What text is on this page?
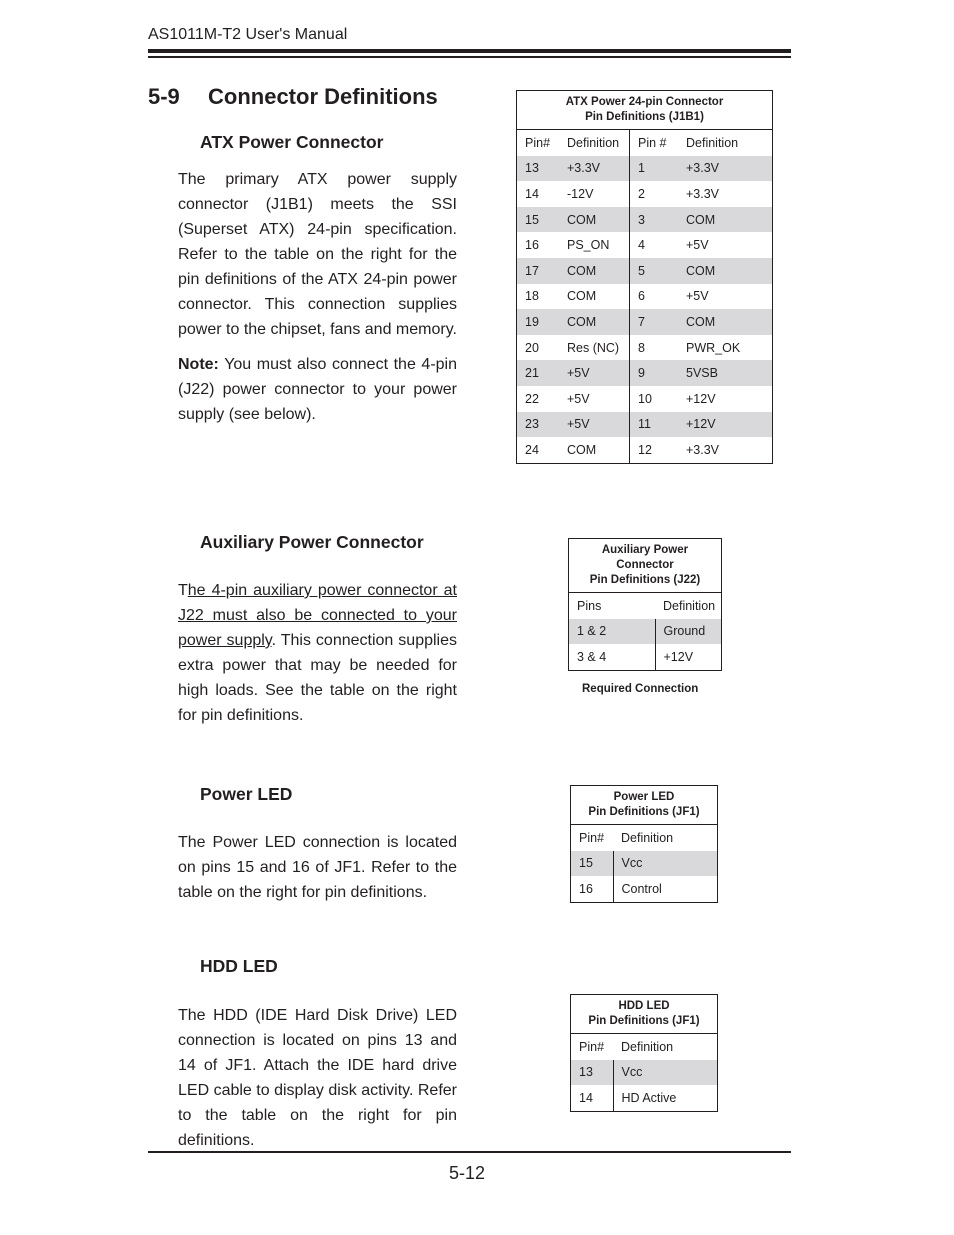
AS1011M-T2 User's Manual
5-9 Connector Definitions
ATX Power Connector

The primary ATX power supply connector (J1B1) meets the SSI (Superset ATX) 24-pin specification. Refer to the table on the right for the pin definitions of the ATX 24-pin power connector. This connection supplies power to the chipset, fans and memory.

Note: You must also connect the 4-pin (J22) power connector to your power supply (see below).

ATX Power 24-pin Connector
Pin Definitions (J1B1)			
Pin#	Definition	Pin #	Definition
13	+3.3V	1	+3.3V
14	-12V	2	+3.3V
15	COM	3	COM
16	PS_ON	4	+5V
17	COM	5	COM
18	COM	6	+5V
19	COM	7	COM
20	Res (NC)	8	PWR_OK
21	+5V	9	5VSB
22	+5V	10	+12V
23	+5V	11	+12V
24	COM	12	+3.3V
Auxiliary Power Connector

The 4-pin auxiliary power connector at J22 must also be connected to your power supply. This connection supplies extra power that may be needed for high loads. See the table on the right for pin definitions.

Auxiliary Power
Connector
Pin Definitions (J22)	
Pins	Definition
1 & 2	Ground
3 & 4	+12V
Required Connection
Power LED

The Power LED connection is located on pins 15 and 16 of JF1. Refer to the table on the right for pin definitions.

Power LED
Pin Definitions (JF1)	
Pin#	Definition
15	Vcc
16	Control
HDD LED

The HDD (IDE Hard Disk Drive) LED connection is located on pins 13 and 14 of JF1. Attach the IDE hard drive LED cable to display disk activity. Refer to the table on the right for pin definitions.

HDD LED
Pin Definitions (JF1)	
Pin#	Definition
13	Vcc
14	HD Active
5-12
